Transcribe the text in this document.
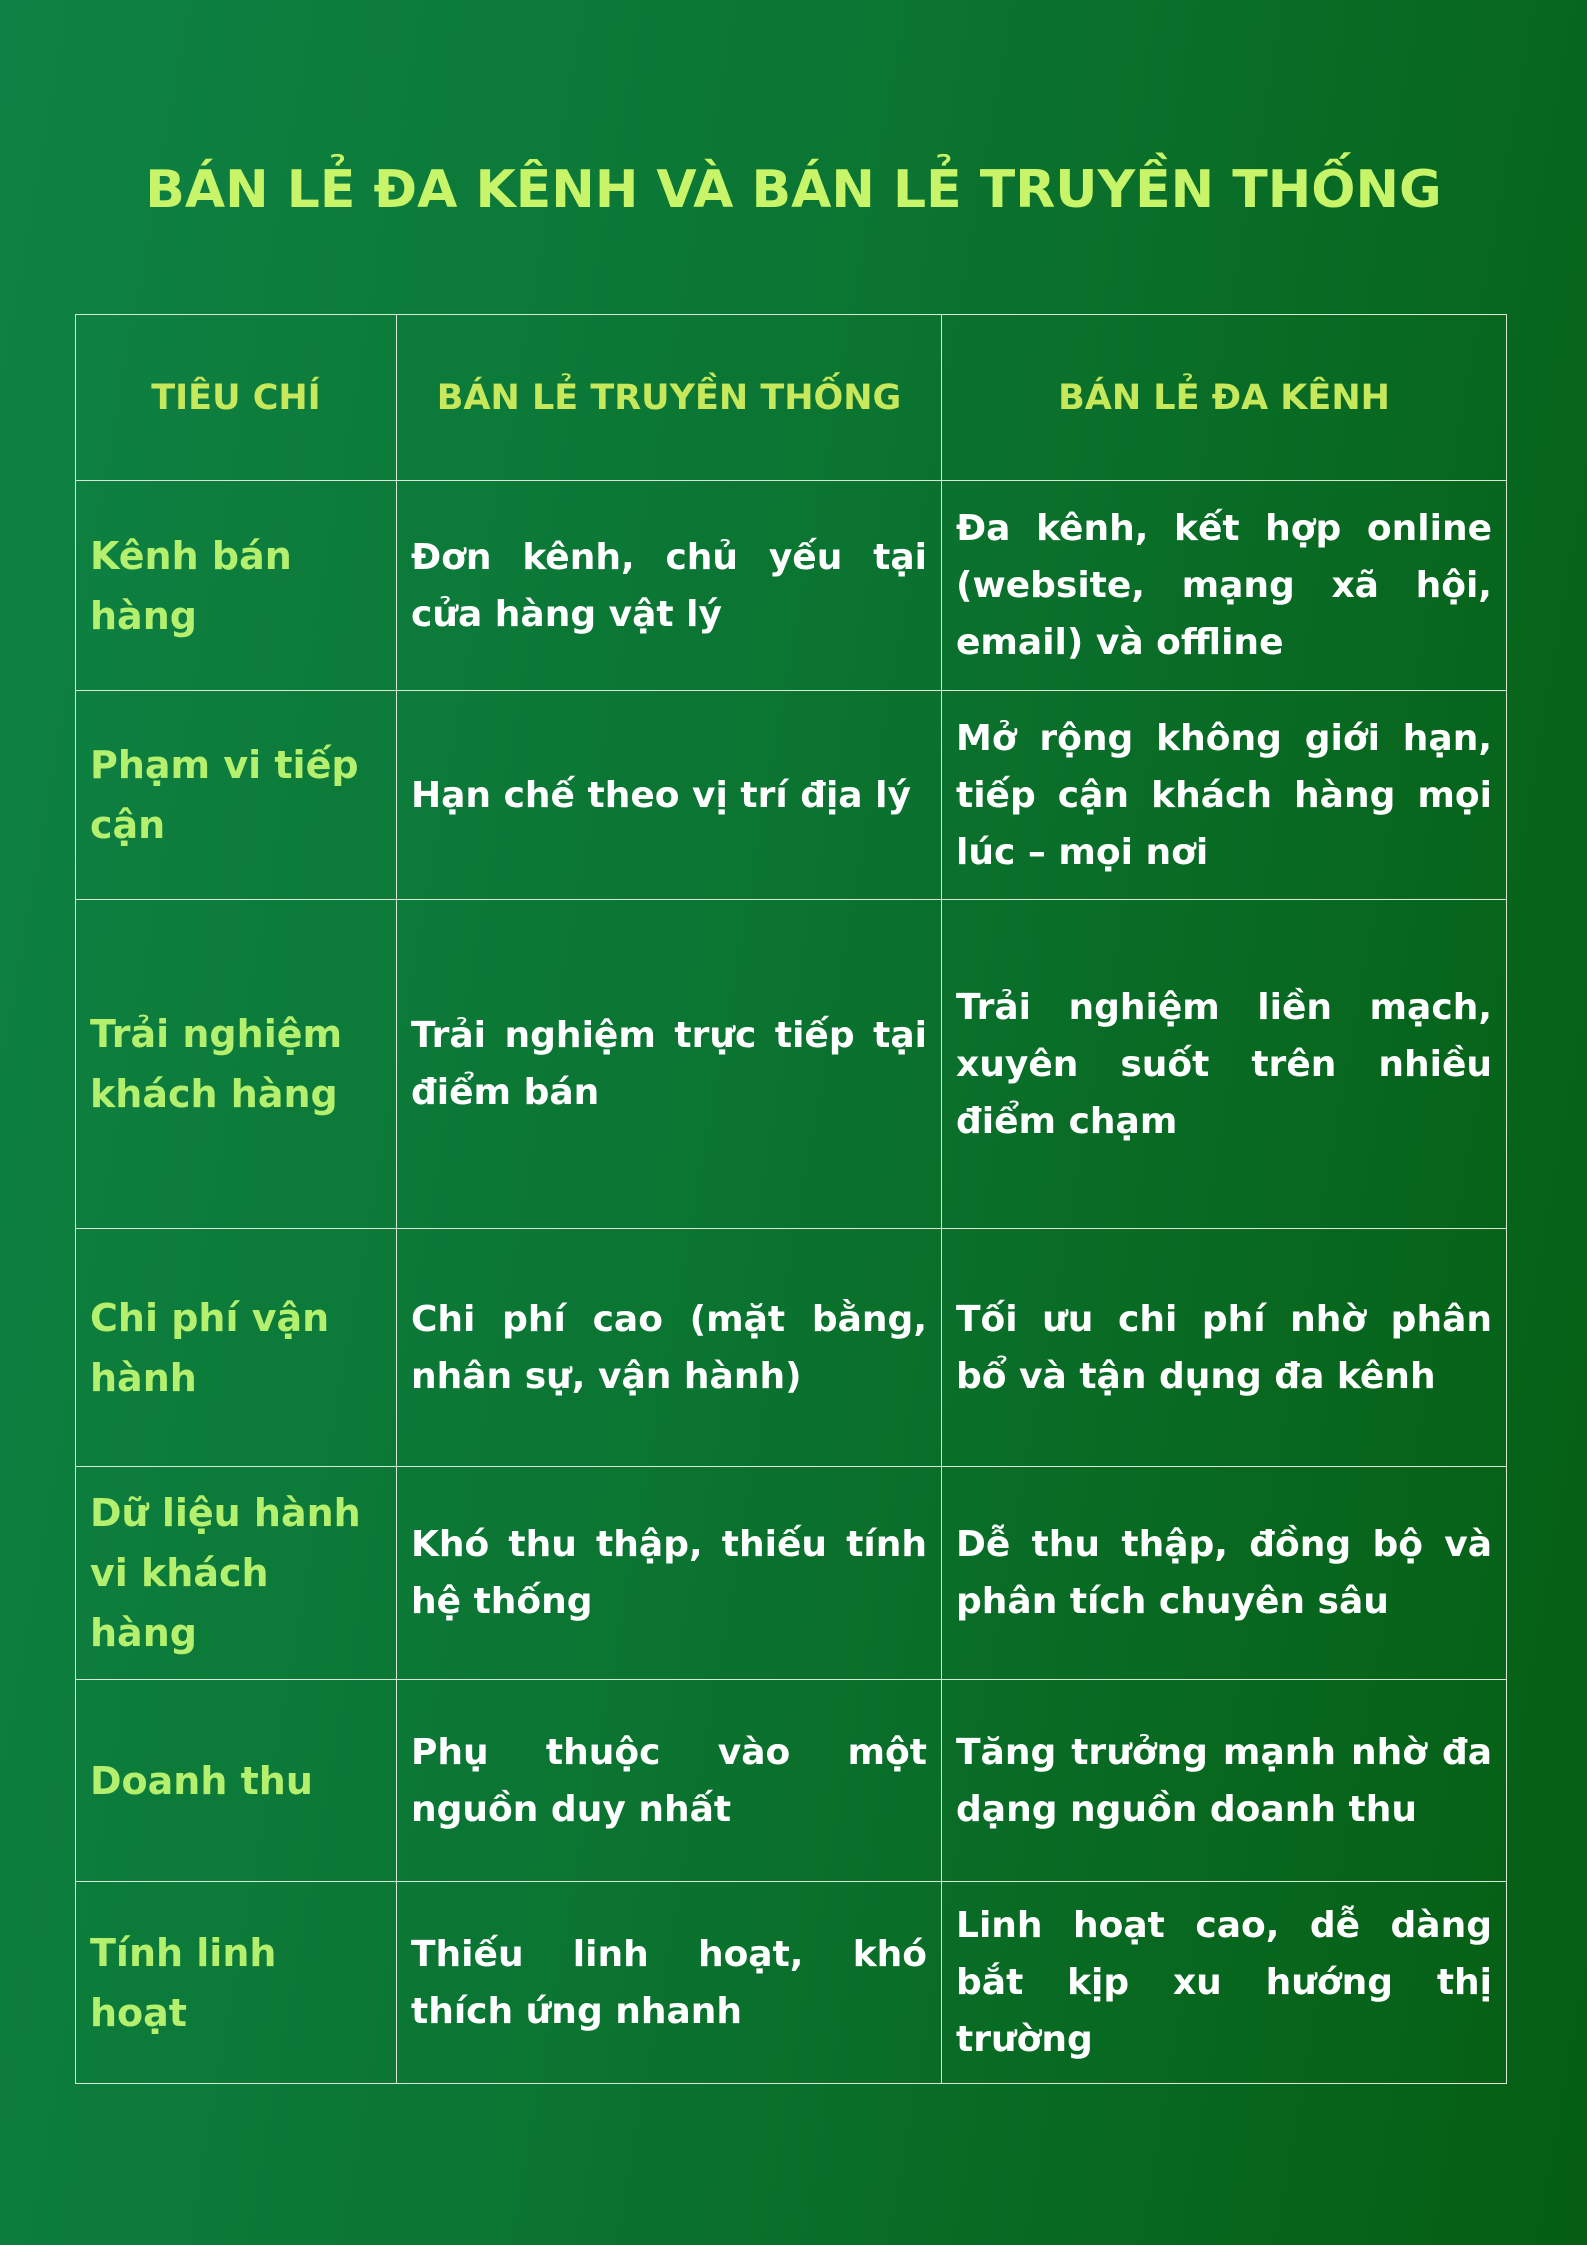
BÁN LẺ ĐA KÊNH VÀ BÁN LẺ TRUYỀN THỐNG
TIÊU CHÍ	BÁN LẺ TRUYỀN THỐNG	BÁN LẺ ĐA KÊNH
Kênh bán hàng	Đơn kênh, chủ yếu tại cửa hàng vật lý	Đa kênh, kết hợp online (website, mạng xã hội, email) và offline
Phạm vi tiếp cận	Hạn chế theo vị trí địa lý	Mở rộng không giới hạn, tiếp cận khách hàng mọi lúc – mọi nơi
Trải nghiệm khách hàng	Trải nghiệm trực tiếp tại điểm bán	Trải nghiệm liền mạch, xuyên suốt trên nhiều điểm chạm
Chi phí vận hành	Chi phí cao (mặt bằng, nhân sự, vận hành)	Tối ưu chi phí nhờ phân bổ và tận dụng đa kênh
Dữ liệu hành vi khách hàng	Khó thu thập, thiếu tính hệ thống	Dễ thu thập, đồng bộ và phân tích chuyên sâu
Doanh thu	Phụ thuộc vào một nguồn duy nhất	Tăng trưởng mạnh nhờ đa dạng nguồn doanh thu
Tính linh hoạt	Thiếu linh hoạt, khó thích ứng nhanh	Linh hoạt cao, dễ dàng bắt kịp xu hướng thị trường
